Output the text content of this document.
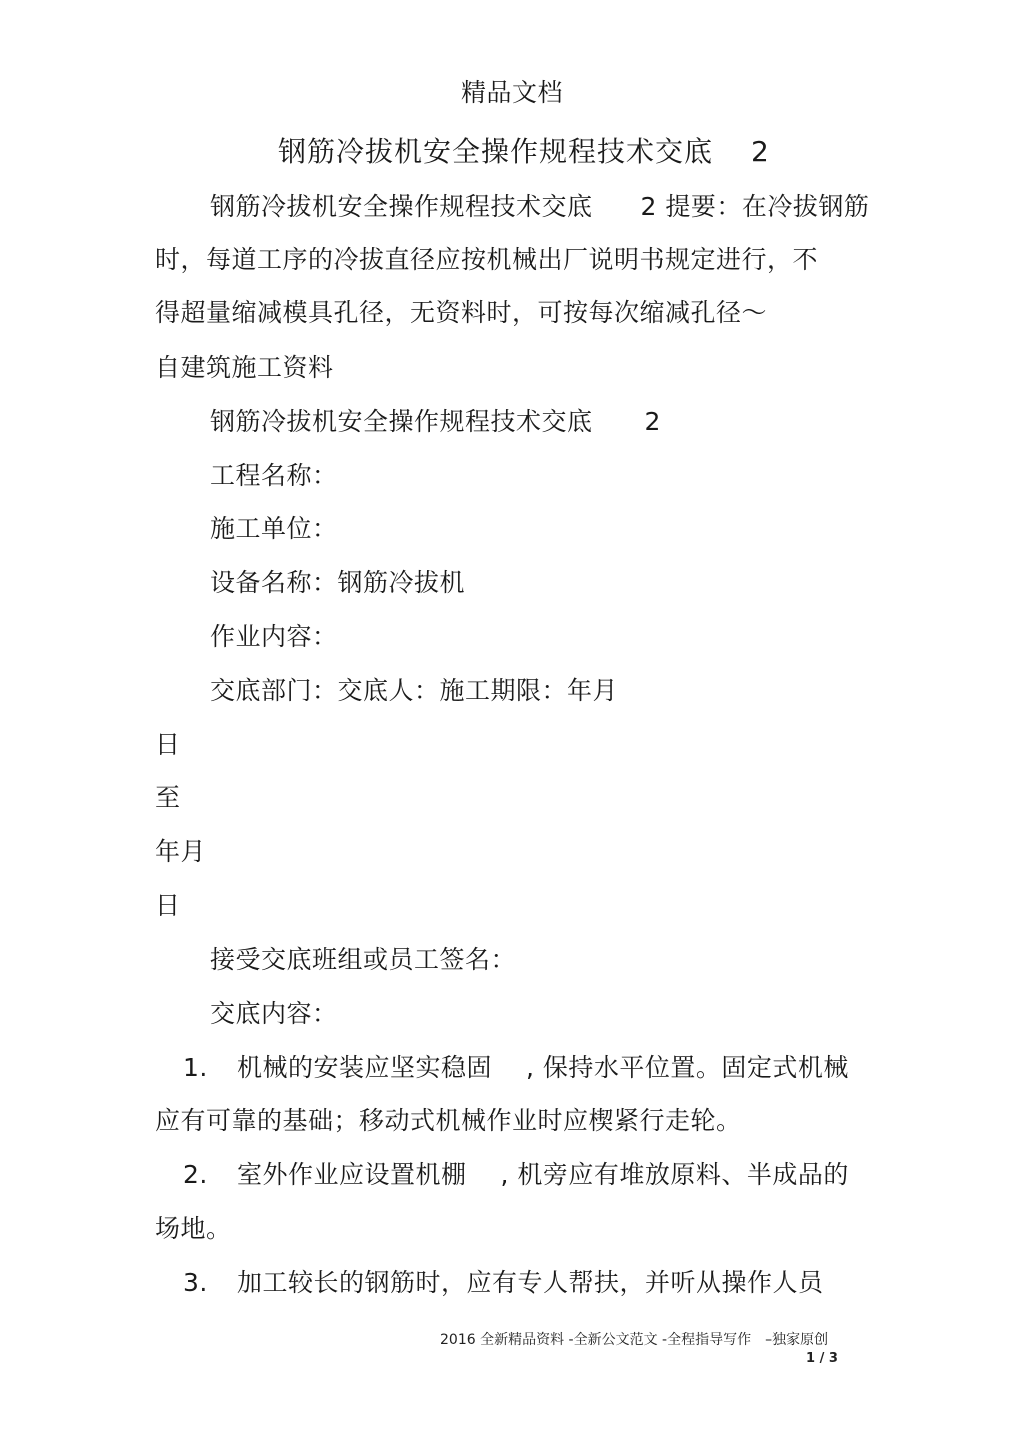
精品文档
钢筋冷拔机安全操作规程技术交底 2
钢筋冷拔机安全操作规程技术交底 2 提要：在冷拔钢筋
时，每道工序的冷拔直径应按机械出厂说明书规定进行，不
得超量缩减模具孔径，无资料时，可按每次缩减孔径～
自建筑施工资料
钢筋冷拔机安全操作规程技术交底 2
工程名称：
施工单位：
设备名称：钢筋冷拔机
作业内容：
交底部门：交底人：施工期限：年月
日
至
年月
日
接受交底班组或员工签名：
交底内容：
1. 机械的安装应坚实稳固　 , 保持水平位置。固定式机械
应有可靠的基础；移动式机械作业时应楔紧行走轮。
2. 室外作业应设置机棚　 , 机旁应有堆放原料、半成品的
场地。
3. 加工较长的钢筋时，应有专人帮扶，并听从操作人员
2016 全新精品资料 -全新公文范文 -全程指导写作　–独家原创
1 / 3
